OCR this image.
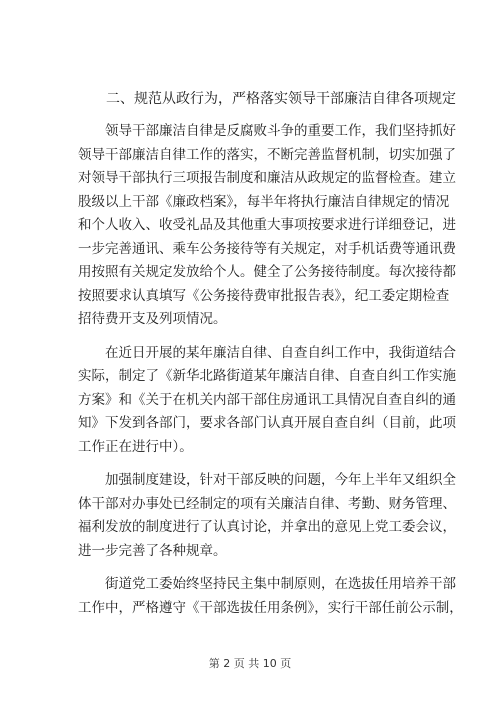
二、规范从政行为，严格落实领导干部廉洁自律各项规定

领导干部廉洁自律是反腐败斗争的重要工作，我们坚持抓好
领导干部廉洁自律工作的落实，不断完善监督机制，切实加强了
对领导干部执行三项报告制度和廉洁从政规定的监督检查。建立
股级以上干部《廉政档案》，每半年将执行廉洁自律规定的情况
和个人收入、收受礼品及其他重大事项按要求进行详细登记，进
一步完善通讯、乘车公务接待等有关规定，对手机话费等通讯费
用按照有关规定发放给个人。健全了公务接待制度。每次接待都
按照要求认真填写《公务接待费审批报告表》，纪工委定期检查
招待费开支及列项情况。

在近日开展的某年廉洁自律、自查自纠工作中，我街道结合
实际，制定了《新华北路街道某年廉洁自律、自查自纠工作实施
方案》和《关于在机关内部干部住房通讯工具情况自查自纠的通
知》下发到各部门，要求各部门认真开展自查自纠（目前，此项
工作正在进行中）。

加强制度建设，针对干部反映的问题，今年上半年又组织全
体干部对办事处已经制定的项有关廉洁自律、考勤、财务管理、
福利发放的制度进行了认真讨论，并拿出的意见上党工委会议，
进一步完善了各种规章。

街道党工委始终坚持民主集中制原则，在选拔任用培养干部
工作中，严格遵守《干部选拔任用条例》，实行干部任前公示制，

第 2 页 共 10 页
